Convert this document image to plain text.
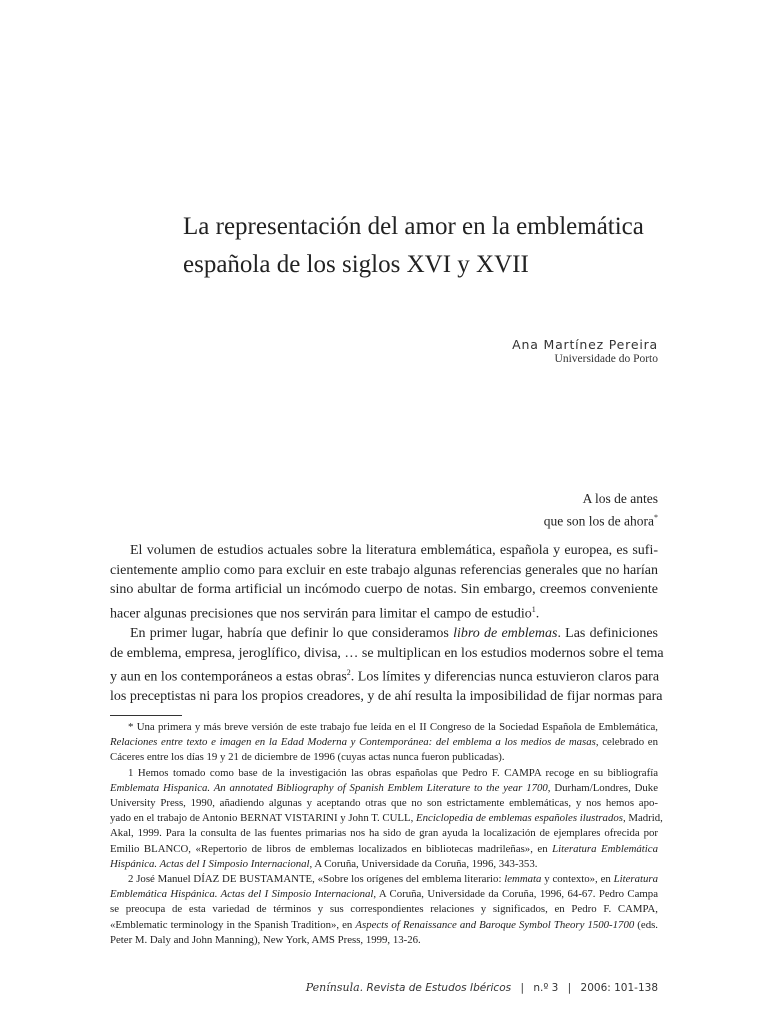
La representación del amor en la emblemática
española de los siglos XVI y XVII
Ana Martínez Pereira
Universidade do Porto
A los de antes
que son los de ahora*
El volumen de estudios actuales sobre la literatura emblemática, española y europea, es sufi-
cientemente amplio como para excluir en este trabajo algunas referencias generales que no harían
sino abultar de forma artificial un incómodo cuerpo de notas. Sin embargo, creemos conveniente
hacer algunas precisiones que nos servirán para limitar el campo de estudio$^1$.
En primer lugar, habría que definir lo que consideramos libro de emblemas. Las definiciones
de emblema, empresa, jeroglífico, divisa, … se multiplican en los estudios modernos sobre el tema
y aun en los contemporáneos a estas obras$^2$. Los límites y diferencias nunca estuvieron claros para
los preceptistas ni para los propios creadores, y de ahí resulta la imposibilidad de fijar normas para
* Una primera y más breve versión de este trabajo fue leída en el II Congreso de la Sociedad Española de Emblemática,
Relaciones entre texto e imagen en la Edad Moderna y Contemporánea: del emblema a los medios de masas, celebrado en
Cáceres entre los días 19 y 21 de diciembre de 1996 (cuyas actas nunca fueron publicadas).
1 Hemos tomado como base de la investigación las obras españolas que Pedro F. CAMPA recoge en su bibliografía
Emblemata Hispanica. An annotated Bibliography of Spanish Emblem Literature to the year 1700, Durham/Londres, Duke
University Press, 1990, añadiendo algunas y aceptando otras que no son estrictamente emblemáticas, y nos hemos apo-
yado en el trabajo de Antonio BERNAT VISTARINI y John T. CULL, Enciclopedia de emblemas españoles ilustrados, Madrid,
Akal, 1999. Para la consulta de las fuentes primarias nos ha sido de gran ayuda la localización de ejemplares ofrecida por
Emilio BLANCO, «Repertorio de libros de emblemas localizados en bibliotecas madrileñas», en Literatura Emblemática
Hispánica. Actas del I Simposio Internacional, A Coruña, Universidade da Coruña, 1996, 343-353.
2 José Manuel DÍAZ DE BUSTAMANTE, «Sobre los orígenes del emblema literario: lemmata y contexto», en Literatura
Emblemática Hispánica. Actas del I Simposio Internacional, A Coruña, Universidade da Coruña, 1996, 64-67. Pedro Campa
se preocupa de esta variedad de términos y sus correspondientes relaciones y significados, en Pedro F. CAMPA,
«Emblematic terminology in the Spanish Tradition», en Aspects of Renaissance and Baroque Symbol Theory 1500-1700 (eds.
Peter M. Daly and John Manning), New York, AMS Press, 1999, 13-26.
Península. Revista de Estudos Ibéricos | n.º 3 | 2006: 101-138
